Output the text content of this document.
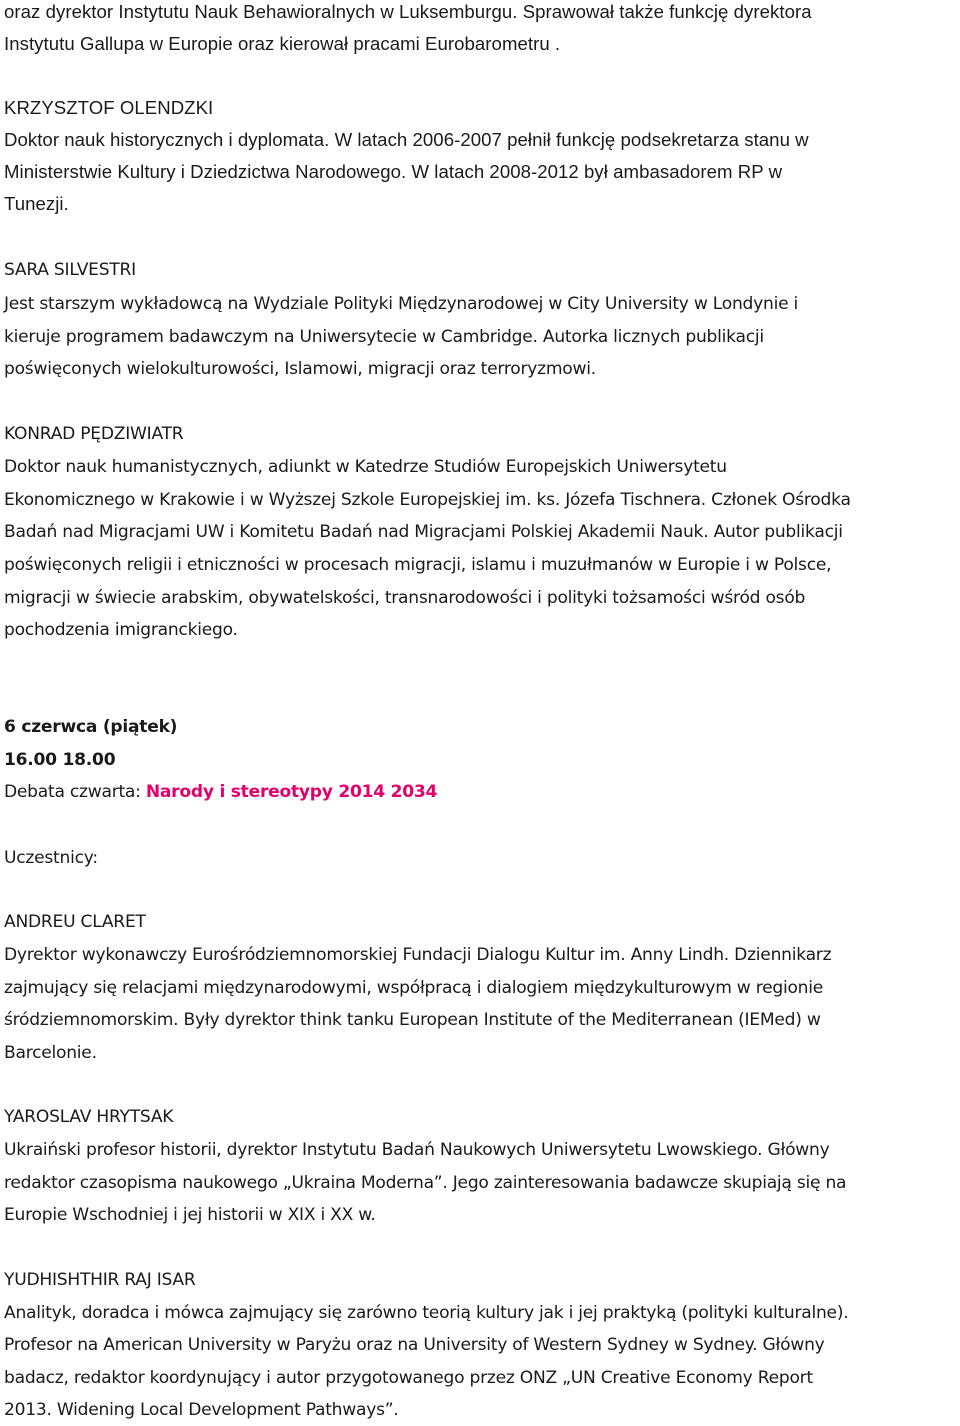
oraz dyrektor Instytutu Nauk Behawioralnych w Luksemburgu. Sprawował także funkcję dyrektora
Instytutu Gallupa w Europie oraz kierował pracami Eurobarometru .
KRZYSZTOF OLENDZKI
Doktor nauk historycznych i dyplomata. W latach 2006-2007 pełnił funkcję podsekretarza stanu w
Ministerstwie Kultury i Dziedzictwa Narodowego. W latach 2008-2012 był ambasadorem RP w
Tunezji.
SARA SILVESTRI
Jest starszym wykładowcą na Wydziale Polityki Międzynarodowej w City University w Londynie i
kieruje programem badawczym na Uniwersytecie w Cambridge. Autorka licznych publikacji
poświęconych wielokulturowości, Islamowi, migracji oraz terroryzmowi.
KONRAD PĘDZIWIATR
Doktor nauk humanistycznych, adiunkt w Katedrze Studiów Europejskich Uniwersytetu
Ekonomicznego w Krakowie i w Wyższej Szkole Europejskiej im. ks. Józefa Tischnera. Członek Ośrodka
Badań nad Migracjami UW i Komitetu Badań nad Migracjami Polskiej Akademii Nauk. Autor publikacji
poświęconych religii i etniczności w procesach migracji, islamu i muzułmanów w Europie i w Polsce,
migracji w świecie arabskim, obywatelskości, transnarodowości i polityki tożsamości wśród osób
pochodzenia imigranckiego.
6 czerwca (piątek)
16.00 18.00
Debata czwarta: Narody i stereotypy 2014 2034
Uczestnicy:
ANDREU CLARET
Dyrektor wykonawczy Eurośródziemnomorskiej Fundacji Dialogu Kultur im. Anny Lindh. Dziennikarz
zajmujący się relacjami międzynarodowymi, współpracą i dialogiem międzykulturowym w regionie
śródziemnomorskim. Były dyrektor think tanku European Institute of the Mediterranean (IEMed) w
Barcelonie.
YAROSLAV HRYTSAK
Ukraiński profesor historii, dyrektor Instytutu Badań Naukowych Uniwersytetu Lwowskiego. Główny
redaktor czasopisma naukowego „Ukraina Moderna”. Jego zainteresowania badawcze skupiają się na
Europie Wschodniej i jej historii w XIX i XX w.
YUDHISHTHIR RAJ ISAR
Analityk, doradca i mówca zajmujący się zarówno teorią kultury jak i jej praktyką (polityki kulturalne).
Profesor na American University w Paryżu oraz na University of Western Sydney w Sydney. Główny
badacz, redaktor koordynujący i autor przygotowanego przez ONZ „UN Creative Economy Report
2013. Widening Local Development Pathways”.
